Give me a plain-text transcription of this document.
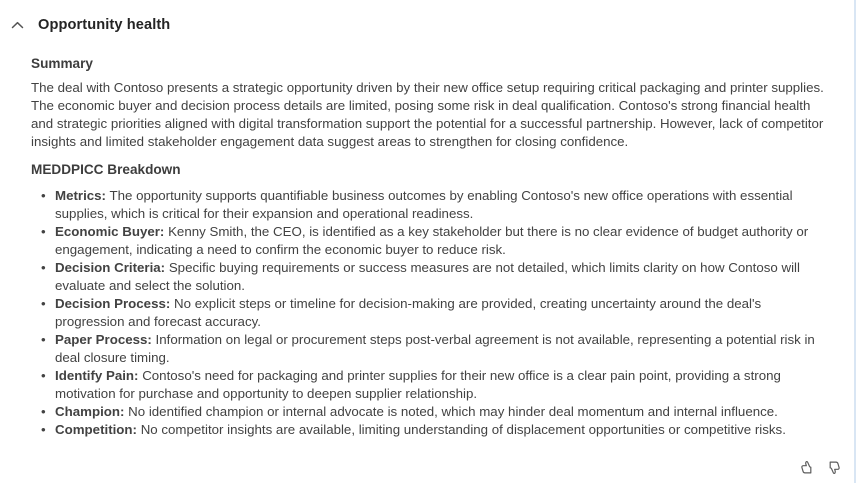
Opportunity health
Summary

The deal with Contoso presents a strategic opportunity driven by their new office setup requiring critical packaging and printer supplies. The economic buyer and decision process details are limited, posing some risk in deal qualification. Contoso's strong financial health and strategic priorities aligned with digital transformation support the potential for a successful partnership. However, lack of competitor insights and limited stakeholder engagement data suggest areas to strengthen for closing confidence.

MEDDPICC Breakdown
• Metrics: The opportunity supports quantifiable business outcomes by enabling Contoso's new office operations with essential supplies, which is critical for their expansion and operational readiness.
• Economic Buyer: Kenny Smith, the CEO, is identified as a key stakeholder but there is no clear evidence of budget authority or engagement, indicating a need to confirm the economic buyer to reduce risk.
• Decision Criteria: Specific buying requirements or success measures are not detailed, which limits clarity on how Contoso will evaluate and select the solution.
• Decision Process: No explicit steps or timeline for decision-making are provided, creating uncertainty around the deal's progression and forecast accuracy.
• Paper Process: Information on legal or procurement steps post-verbal agreement is not available, representing a potential risk in deal closure timing.
• Identify Pain: Contoso's need for packaging and printer supplies for their new office is a clear pain point, providing a strong motivation for purchase and opportunity to deepen supplier relationship.
• Champion: No identified champion or internal advocate is noted, which may hinder deal momentum and internal influence.
• Competition: No competitor insights are available, limiting understanding of displacement opportunities or competitive risks.
